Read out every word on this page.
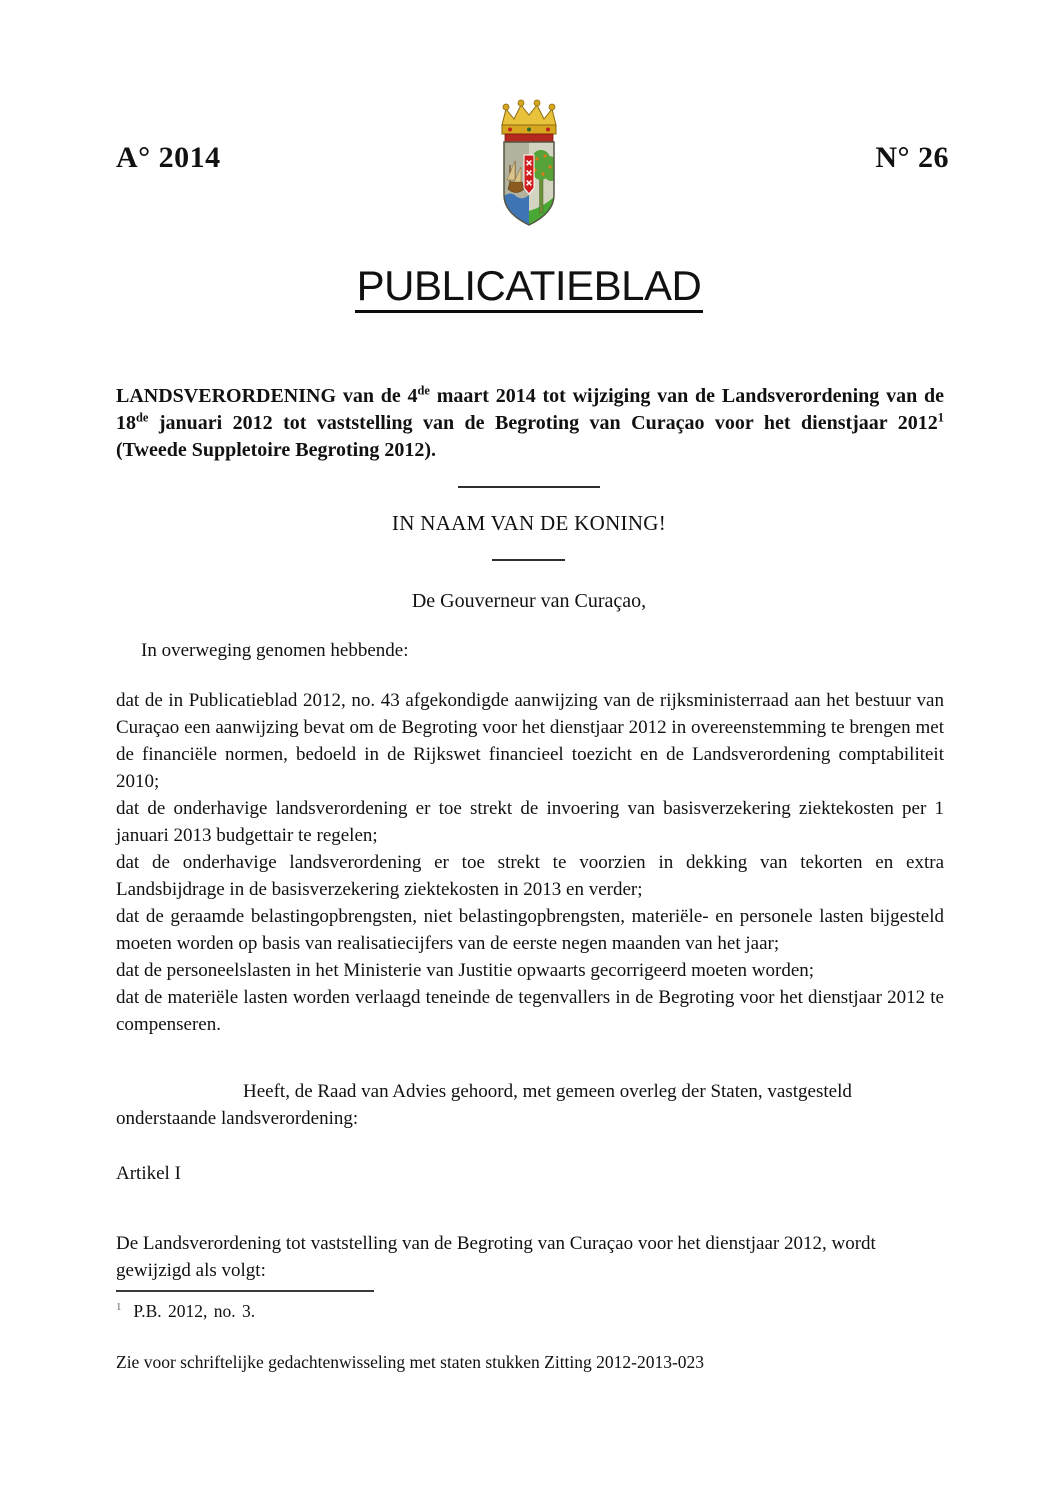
A° 2014	N° 26
PUBLICATIEBLAD

LANDSVERORDENING van de 4de maart 2014 tot wijziging van de Landsverordening van de 18de januari 2012 tot vaststelling van de Begroting van Curaçao voor het dienstjaar 2012$^1$ (Tweede Suppletoire Begroting 2012).

IN NAAM VAN DE KONING!
De Gouverneur van Curaçao,
In overweging genomen hebbende:

dat de in Publicatieblad 2012, no. 43 afgekondigde aanwijzing van de rijksministerraad aan het bestuur van Curaçao een aanwijzing bevat om de Begroting voor het dienstjaar 2012 in overeenstemming te brengen met de financiële normen, bedoeld in de Rijkswet financieel toezicht en de Landsverordening comptabiliteit 2010;

dat de onderhavige landsverordening er toe strekt de invoering van basisverzekering ziektekosten per 1 januari 2013 budgettair te regelen;

dat de onderhavige landsverordening er toe strekt te voorzien in dekking van tekorten en extra Landsbijdrage in de basisverzekering ziektekosten in 2013 en verder;

dat de geraamde belastingopbrengsten, niet belastingopbrengsten, materiële- en personele lasten bijgesteld moeten worden op basis van realisatiecijfers van de eerste negen maanden van het jaar;

dat de personeelslasten in het Ministerie van Justitie opwaarts gecorrigeerd moeten worden;

dat de materiële lasten worden verlaagd teneinde de tegenvallers in de Begroting voor het dienstjaar 2012 te compenseren.

Heeft, de Raad van Advies gehoord, met gemeen overleg der Staten, vastgesteld onderstaande landsverordening:

Artikel I

De Landsverordening tot vaststelling van de Begroting van Curaçao voor het dienstjaar 2012, wordt gewijzigd als volgt:

$^1$ P.B. 2012, no. 3.
Zie voor schriftelijke gedachtenwisseling met staten stukken Zitting 2012-2013-023
